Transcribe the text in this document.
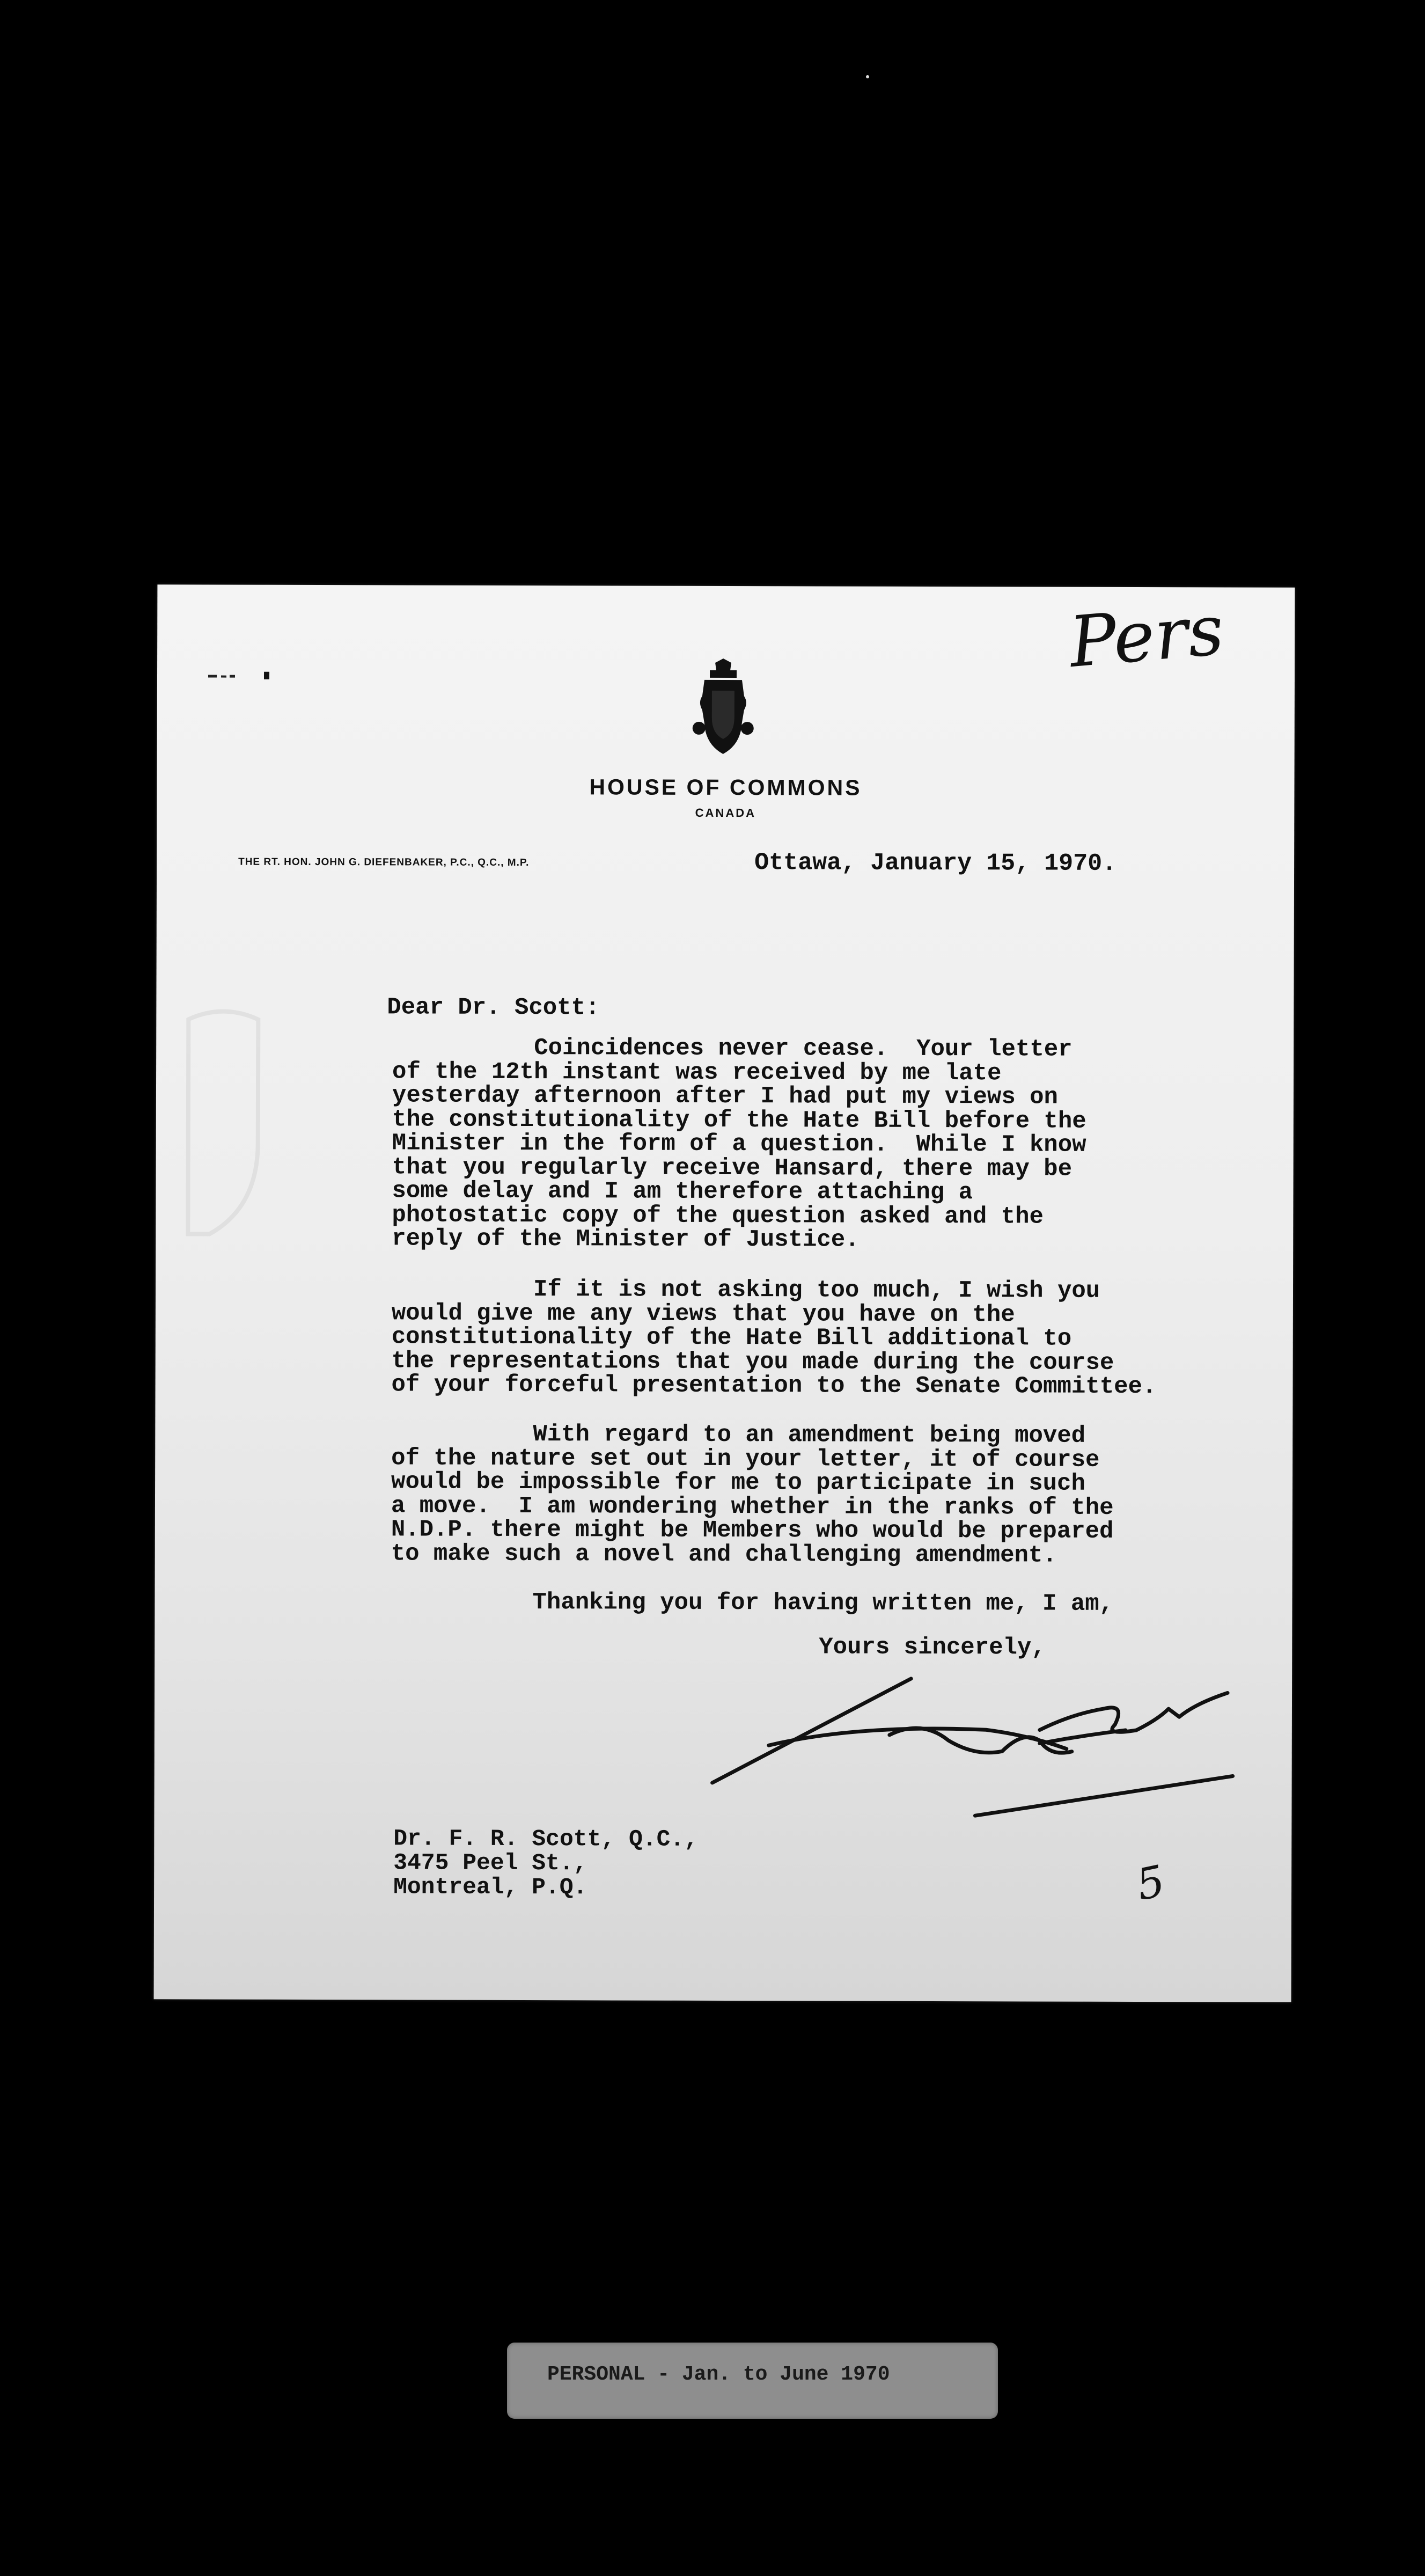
HOUSE OF COMMONS
CANADA
THE RT. HON. JOHN G. DIEFENBAKER, P.C., Q.C., M.P.	Ottawa, January 15, 1970.
Dear Dr. Scott:
Coincidences never cease.  Your letter
of the 12th instant was received by me late
yesterday afternoon after I had put my views on
the constitutionality of the Hate Bill before the
Minister in the form of a question.  While I know
that you regularly receive Hansard, there may be
some delay and I am therefore attaching a
photostatic copy of the question asked and the
reply of the Minister of Justice.
If it is not asking too much, I wish you
would give me any views that you have on the
constitutionality of the Hate Bill additional to
the representations that you made during the course
of your forceful presentation to the Senate Committee.
With regard to an amendment being moved
of the nature set out in your letter, it of course
would be impossible for me to participate in such
a move.  I am wondering whether in the ranks of the
N.D.P. there might be Members who would be prepared
to make such a novel and challenging amendment.
Thanking you for having written me, I am,
Yours sincerely,
Dr. F. R. Scott, Q.C.,
3475 Peel St.,
Montreal, P.Q.
Pers
5
PERSONAL - Jan. to June 1970
